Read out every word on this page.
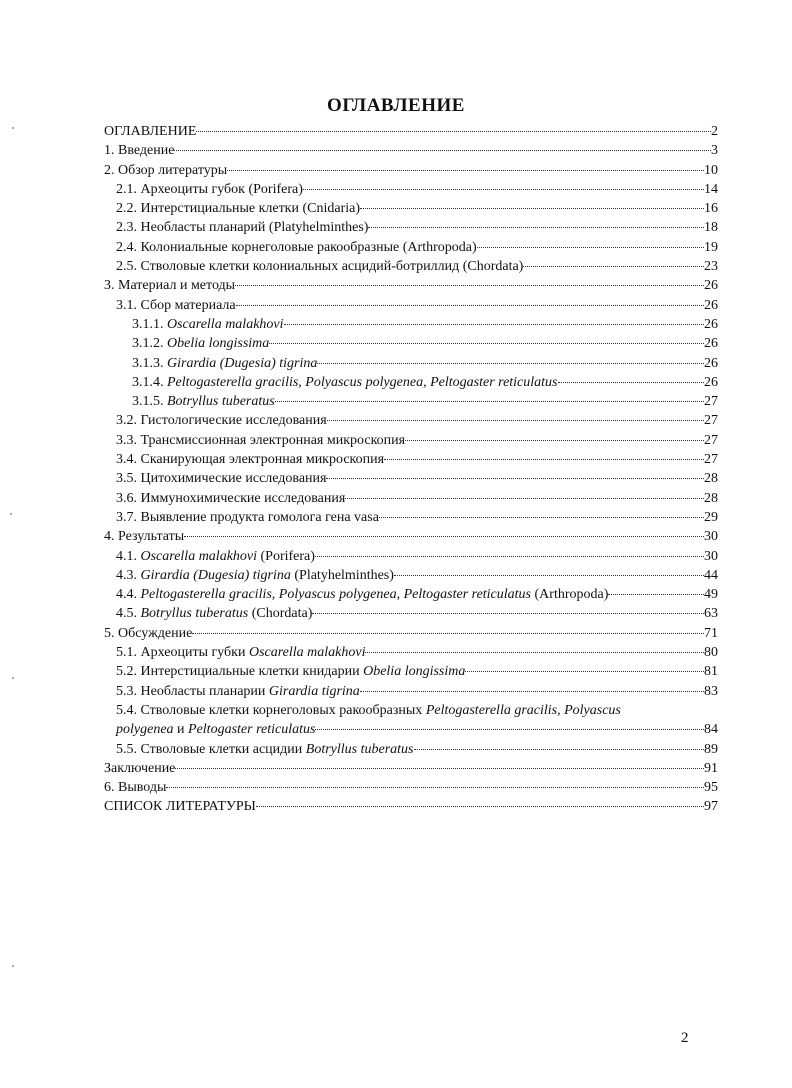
ОГЛАВЛЕНИЕ
ОГЛАВЛЕНИЕ	2
1. Введение	3
2. Обзор литературы	10
2.1. Археоциты губок (Porifera)	14
2.2. Интерстициальные клетки (Cnidaria)	16
2.3. Необласты планарий (Platyhelminthes)	18
2.4. Колониальные корнеголовые ракообразные (Arthropoda)	19
2.5. Стволовые клетки колониальных асцидий-ботриллид (Chordata)	23
3. Материал и методы	26
3.1. Сбор материала	26
3.1.1. Oscarella malakhovi	26
3.1.2. Obelia longissima	26
3.1.3. Girardia (Dugesia) tigrina	26
3.1.4. Peltogasterella gracilis, Polyascus polygenea, Peltogaster reticulatus	26
3.1.5. Botryllus tuberatus	27
3.2. Гистологические исследования	27
3.3. Трансмиссионная электронная микроскопия	27
3.4. Сканирующая электронная микроскопия	27
3.5. Цитохимические исследования	28
3.6. Иммунохимические исследования	28
3.7. Выявление продукта гомолога гена vasa	29
4. Результаты	30
4.1. Oscarella malakhovi (Porifera)	30
4.3. Girardia (Dugesia) tigrina (Platyhelminthes)	44
4.4. Peltogasterella gracilis, Polyascus polygenea, Peltogaster reticulatus (Arthropoda)	49
4.5. Botryllus tuberatus (Chordata)	63
5. Обсуждение	71
5.1. Археоциты губки Oscarella malakhovi	80
5.2. Интерстициальные клетки книдарии Obelia longissima	81
5.3. Необласты планарии Girardia tigrina	83
5.4. Стволовые клетки корнеголовых ракообразных Peltogasterella gracilis, Polyascus
polygenea и Peltogaster reticulatus	84
5.5. Стволовые клетки асцидии Botryllus tuberatus	89
Заключение	91
6. Выводы	95
СПИСОК ЛИТЕРАТУРЫ	97
2
